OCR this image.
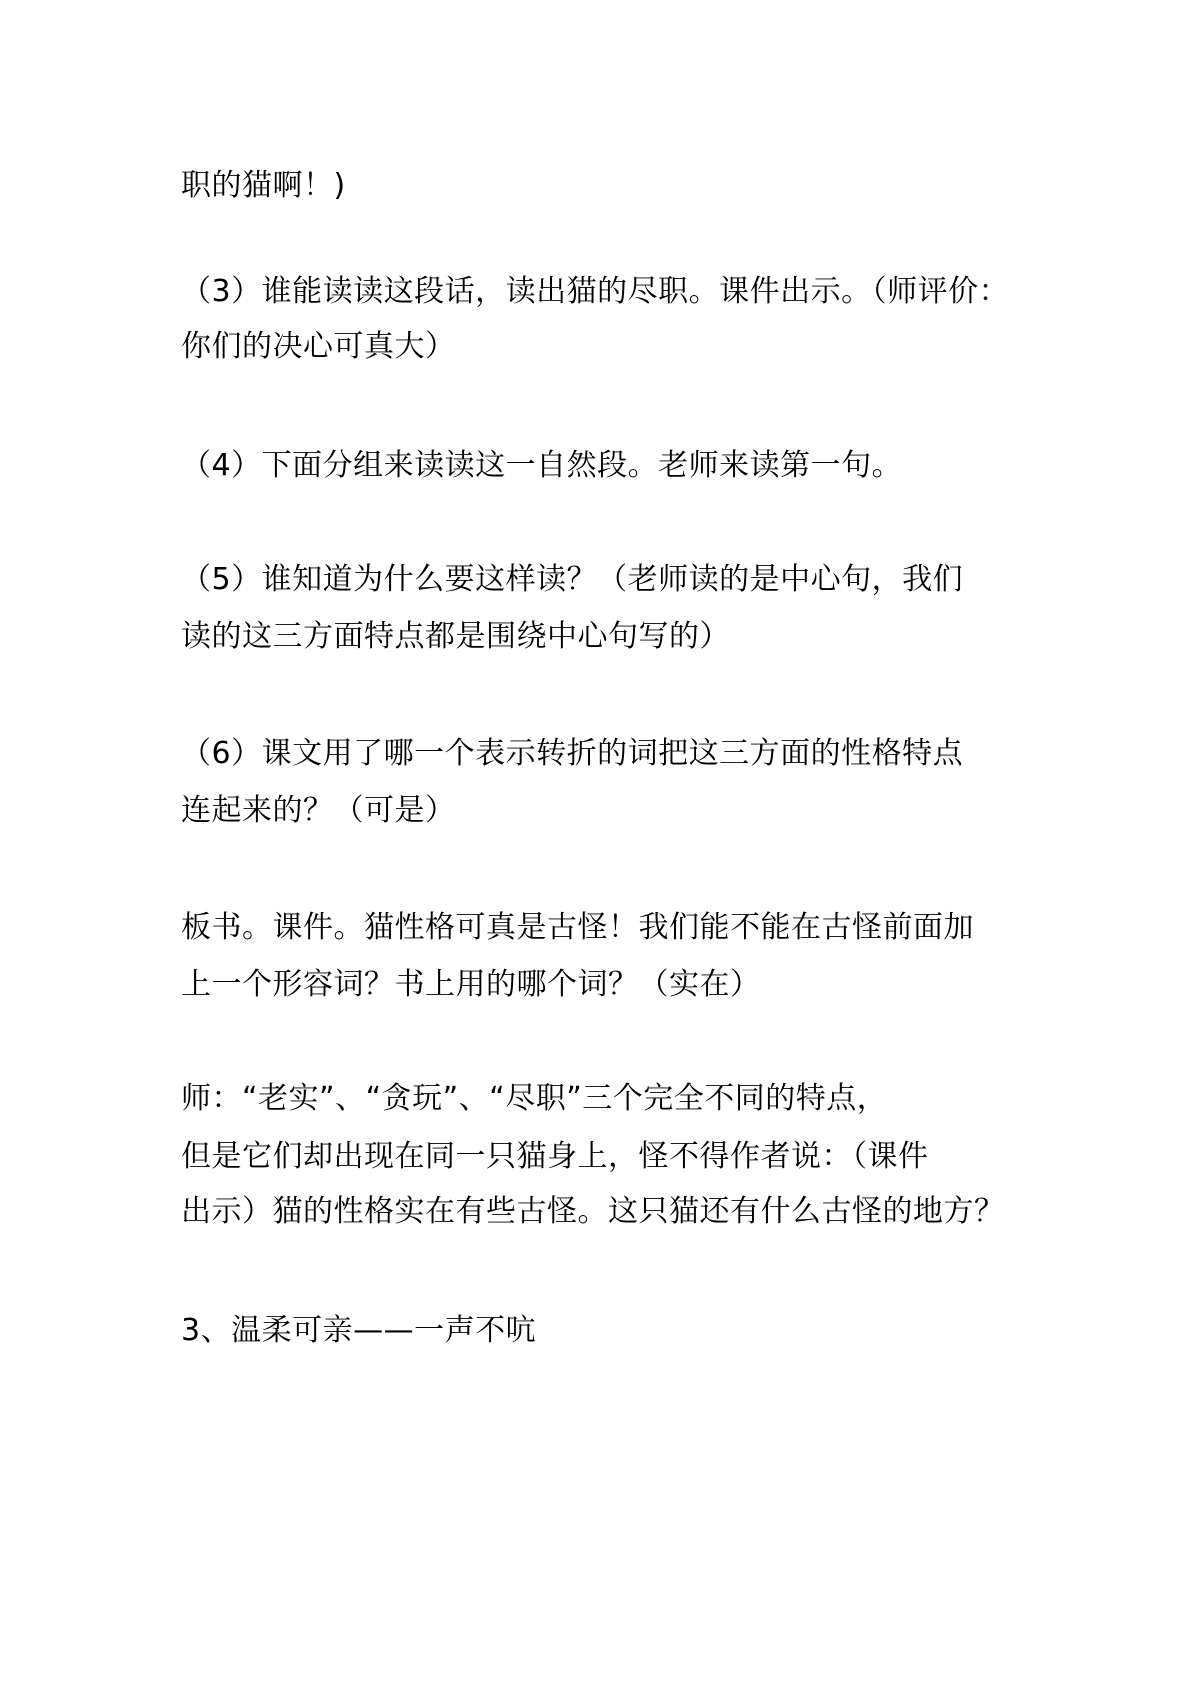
职的猫啊！)
（3）谁能读读这段话，读出猫的尽职。课件出示。（师评价：
你们的决心可真大）
（4）下面分组来读读这一自然段。老师来读第一句。
（5）谁知道为什么要这样读？（老师读的是中心句，我们
读的这三方面特点都是围绕中心句写的）
（6）课文用了哪一个表示转折的词把这三方面的性格特点
连起来的？（可是）
板书。课件。猫性格可真是古怪！我们能不能在古怪前面加
上一个形容词？书上用的哪个词？（实在）
师：“老实”、“贪玩”、“尽职”三个完全不同的特点，
但是它们却出现在同一只猫身上，怪不得作者说：（课件
出示）猫的性格实在有些古怪。这只猫还有什么古怪的地方？
3、温柔可亲——一声不吭
